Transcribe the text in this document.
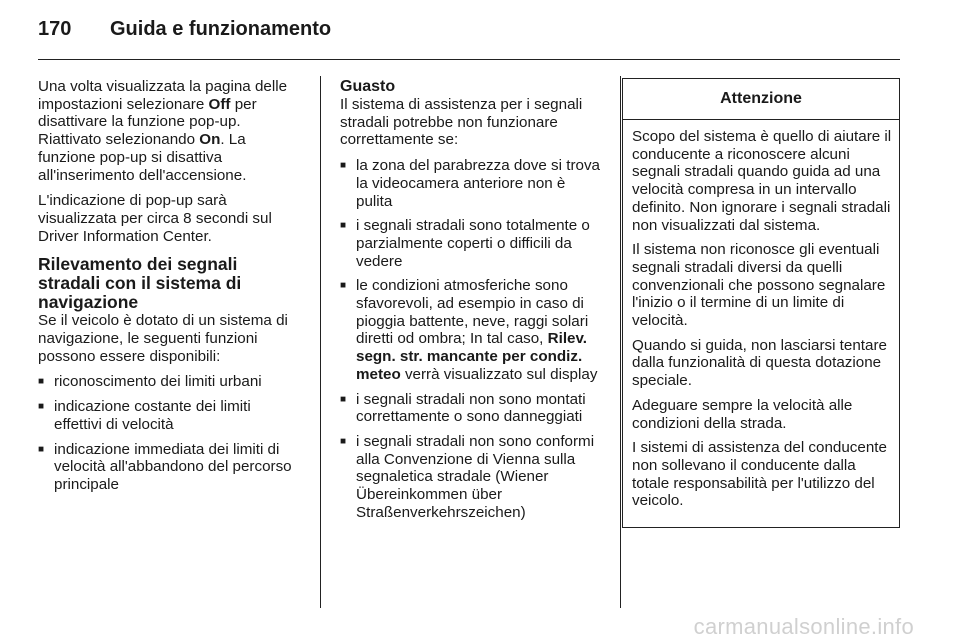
170 Guida e funzionamento

Una volta visualizzata la pagina delle impostazioni selezionare Off per disattivare la funzione pop-up. Riattivato selezionando On. La funzione pop-up si disattiva all'inserimento dell'accensione.

L'indicazione di pop-up sarà visualizzata per circa 8 secondi sul Driver Information Center.

Rilevamento dei segnali stradali con il sistema di navigazione

Se il veicolo è dotato di un sistema di navigazione, le seguenti funzioni possono essere disponibili:

■ riconoscimento dei limiti urbani
■ indicazione costante dei limiti effettivi di velocità
■ indicazione immediata dei limiti di velocità all'abbandono del percorso principale
Guasto

Il sistema di assistenza per i segnali stradali potrebbe non funzionare correttamente se:

■ la zona del parabrezza dove si trova la videocamera anteriore non è pulita
■ i segnali stradali sono totalmente o parzialmente coperti o difficili da vedere
■ le condizioni atmosferiche sono sfavorevoli, ad esempio in caso di pioggia battente, neve, raggi solari diretti od ombra; In tal caso, Rilev. segn. str. mancante per condiz. meteo verrà visualizzato sul display
■ i segnali stradali non sono montati correttamente o sono danneggiati
■ i segnali stradali non sono conformi alla Convenzione di Vienna sulla segnaletica stradale (Wiener Übereinkommen über Straßenverkehrszeichen)
Attenzione

Scopo del sistema è quello di aiutare il conducente a riconoscere alcuni segnali stradali quando guida ad una velocità compresa in un intervallo definito. Non ignorare i segnali stradali non visualizzati dal sistema.

Il sistema non riconosce gli eventuali segnali stradali diversi da quelli convenzionali che possono segnalare l'inizio o il termine di un limite di velocità.

Quando si guida, non lasciarsi tentare dalla funzionalità di questa dotazione speciale.

Adeguare sempre la velocità alle condizioni della strada.

I sistemi di assistenza del conducente non sollevano il conducente dalla totale responsabilità per l'utilizzo del veicolo.

carmanualsonline.info
